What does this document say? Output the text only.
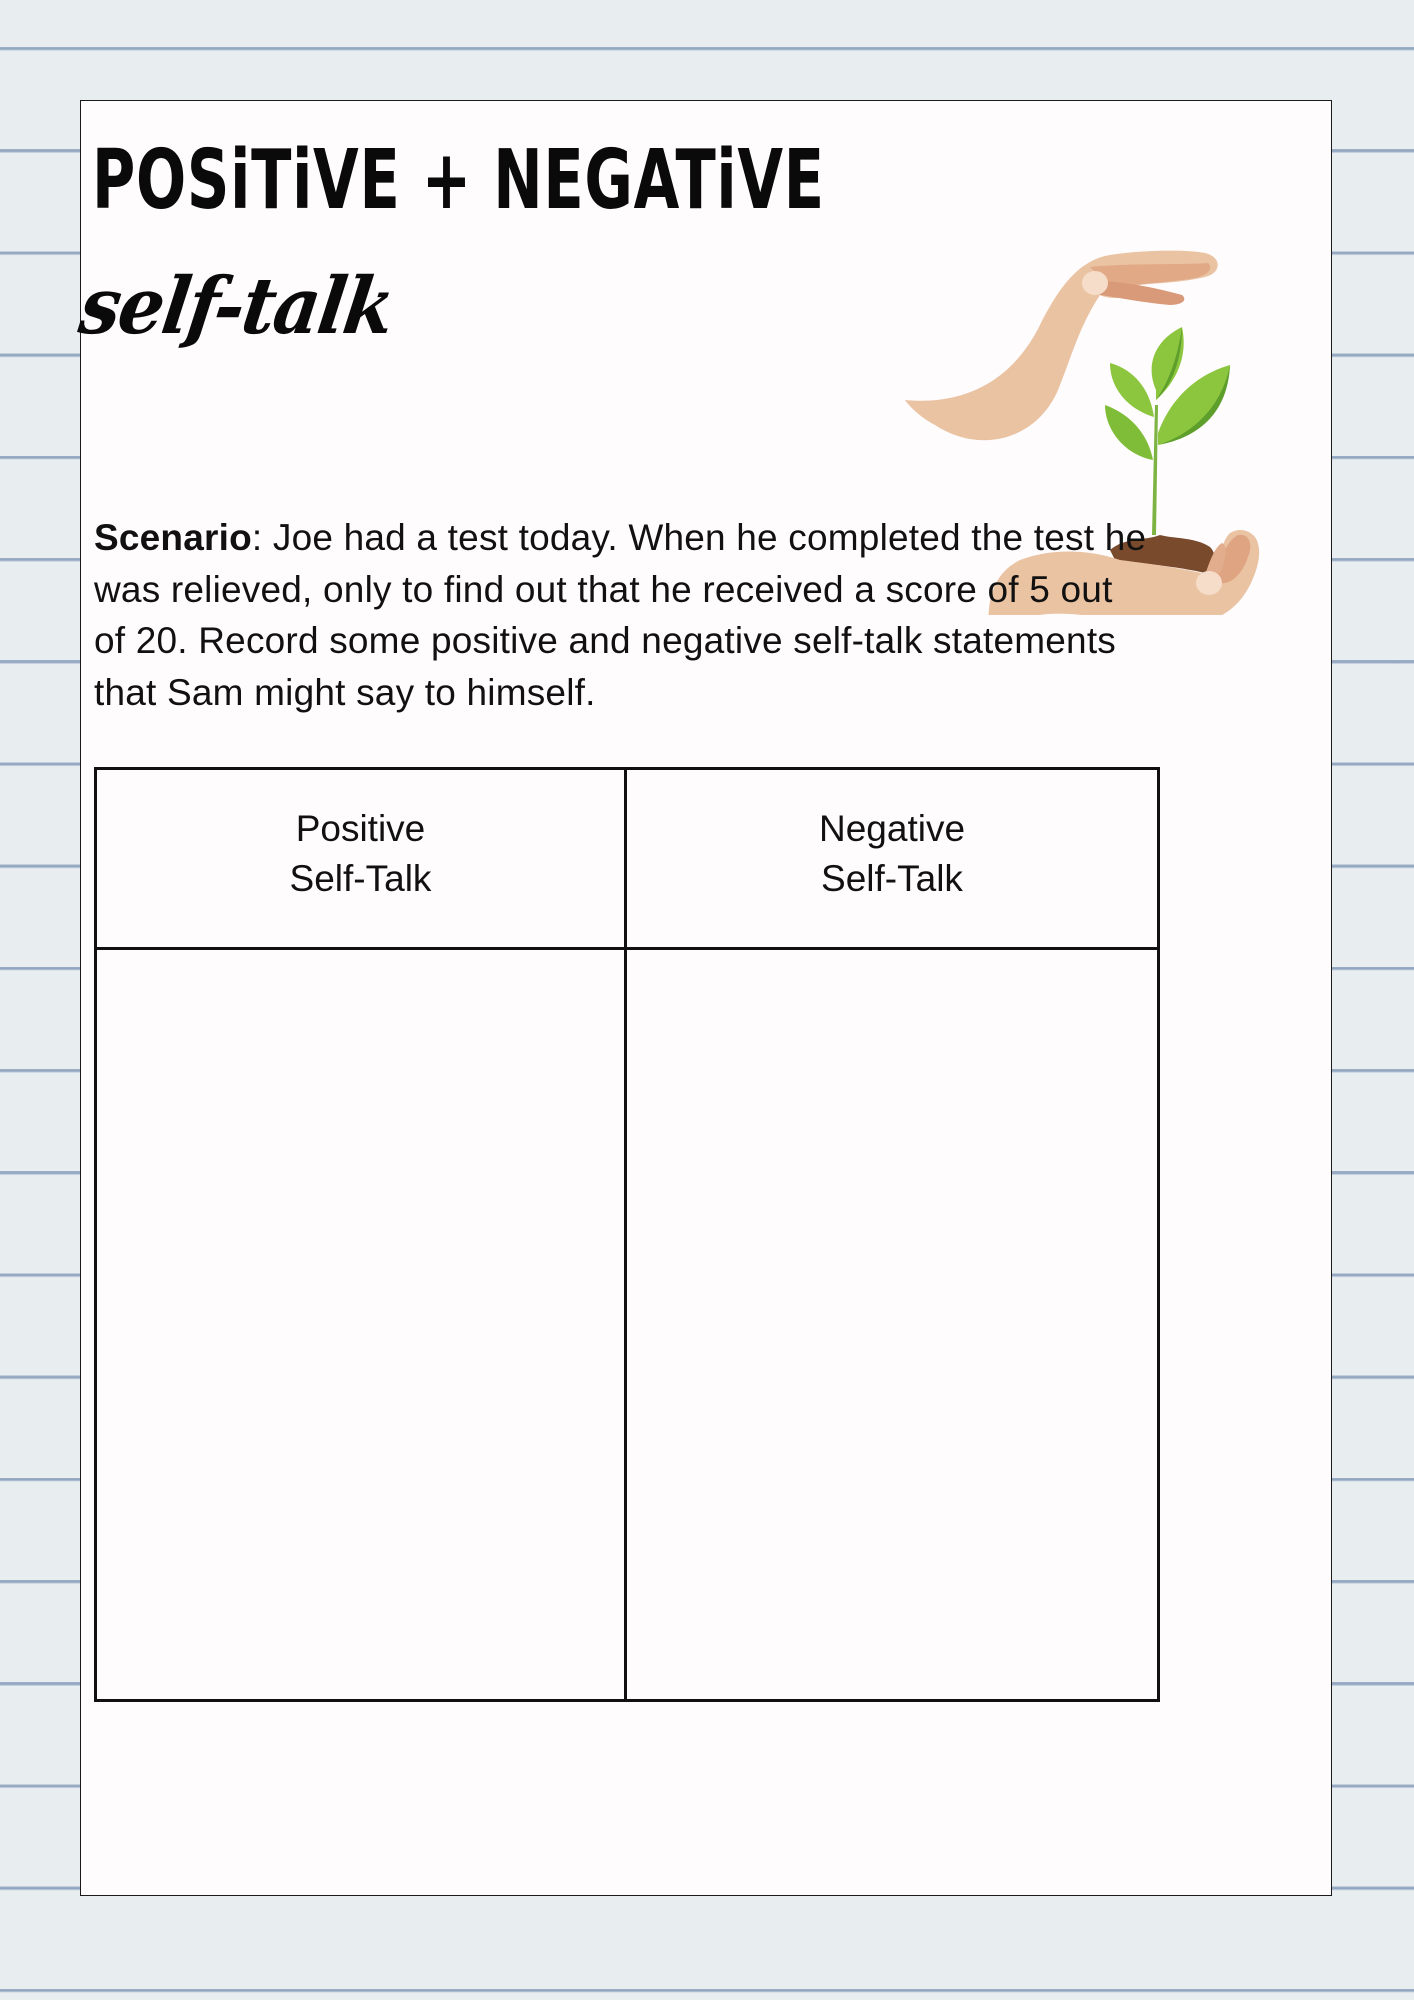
POSiTiVE + NEGATiVE
self-talk
Scenario: Joe had a test today. When he completed the test he was relieved, only to find out that he received a score of 5 out of 20. Record some positive and negative self-talk statements that Sam might say to himself.
Positive
Self-Talk
Negative
Self-Talk
